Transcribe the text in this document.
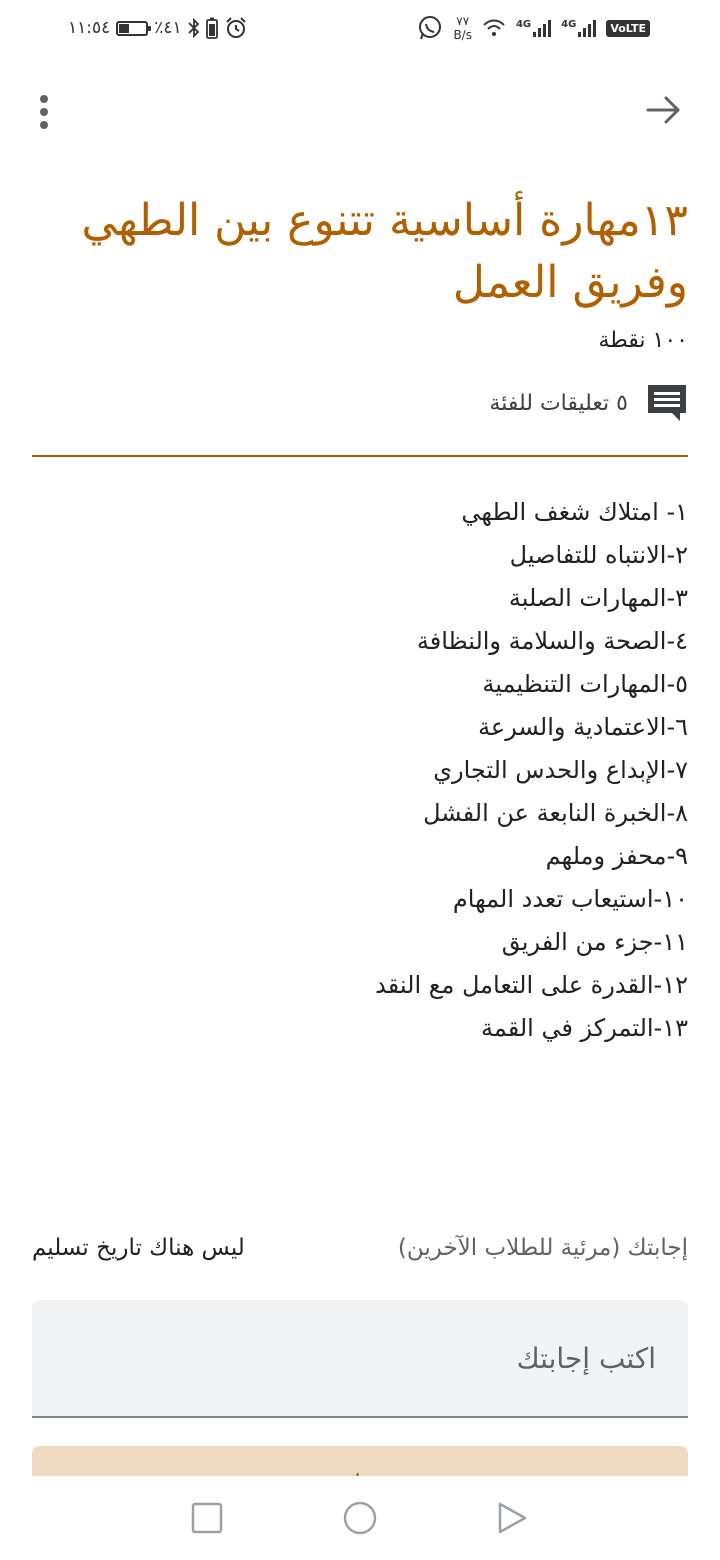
١١:٥٤	٪٤١	٧٧
B/s
4G	4G	VoLTE
١٣مهارة أساسية تتنوع بين الطهي وفريق العمل
١٠٠ نقطة
٥ تعليقات للفئة
١- امتلاك شغف الطهي
٢-الانتباه للتفاصيل
٣-المهارات الصلبة
٤-الصحة والسلامة والنظافة
٥-المهارات التنظيمية
٦-الاعتمادية والسرعة
٧-الإبداع والحدس التجاري
٨-الخبرة النابعة عن الفشل
٩-محفز وملهم
١٠-استيعاب تعدد المهام
١١-جزء من الفريق
١٢-القدرة على التعامل مع النقد
١٣-التمركز في القمة
إجابتك (مرئية للطلاب الآخرين)
ليس هناك تاريخ تسليم
اكتب إجابتك
